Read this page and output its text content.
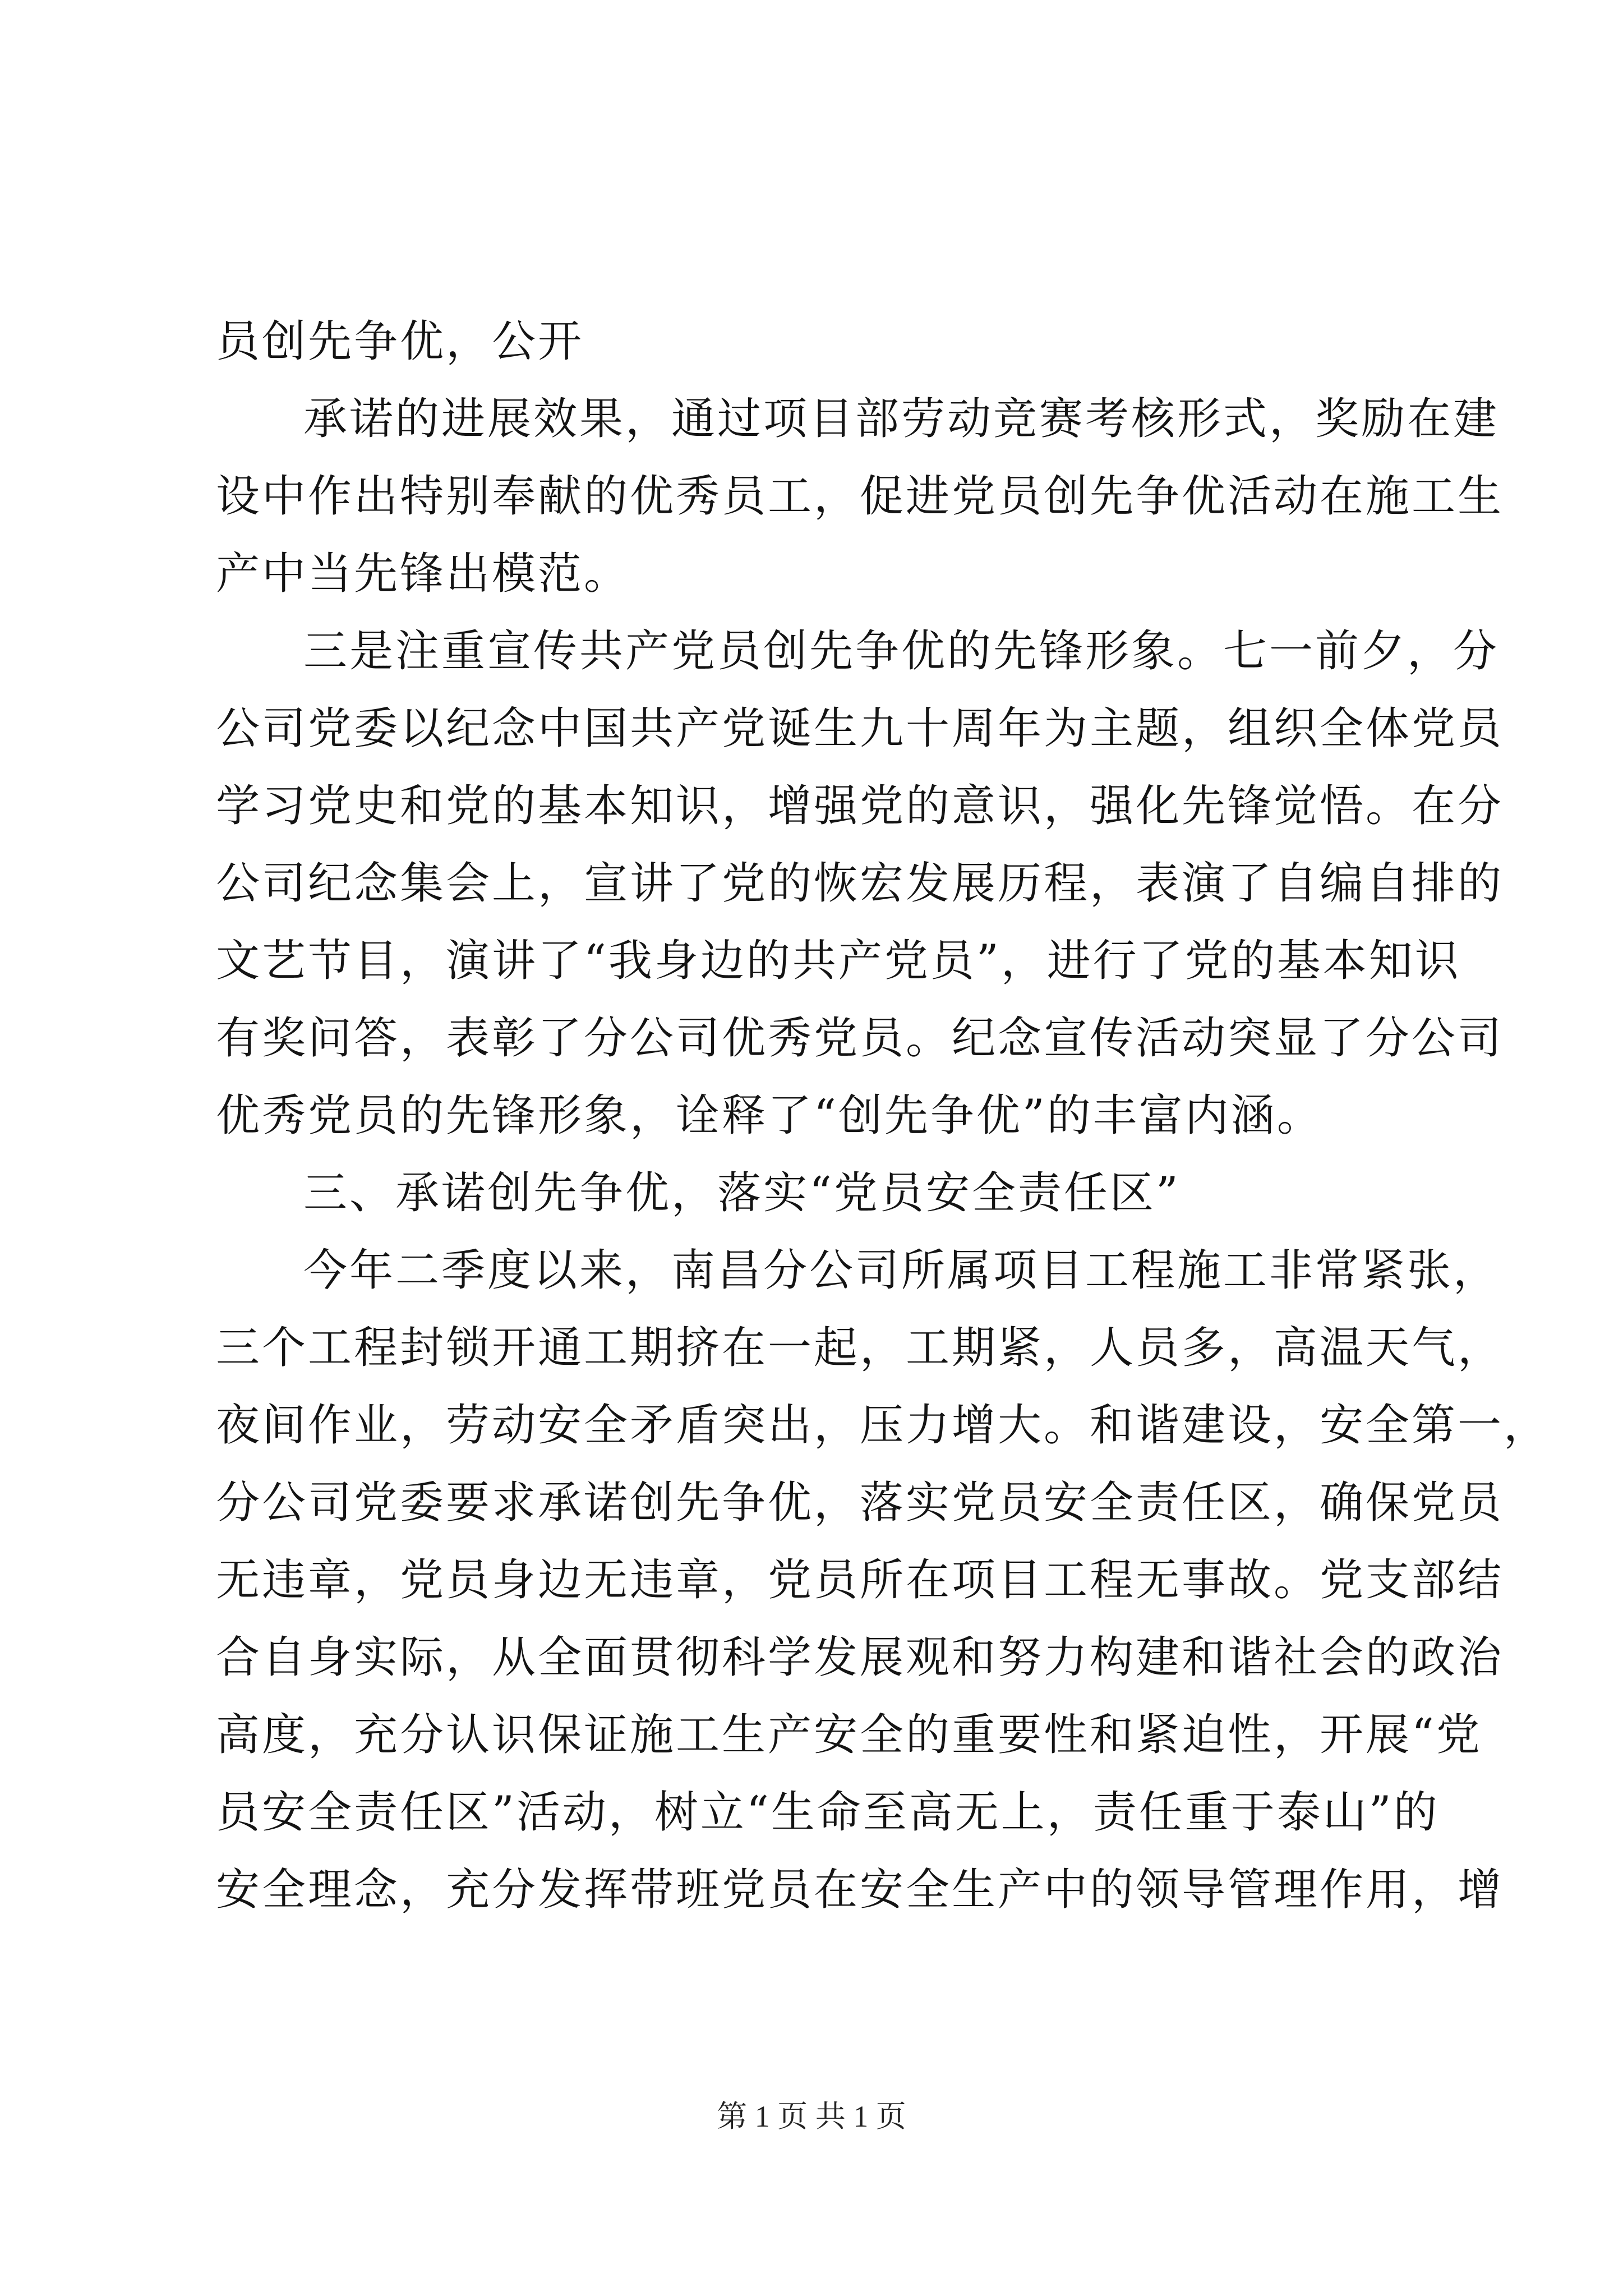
员创先争优，公开
承诺的进展效果，通过项目部劳动竞赛考核形式，奖励在建
设中作出特别奉献的优秀员工，促进党员创先争优活动在施工生
产中当先锋出模范。
三是注重宣传共产党员创先争优的先锋形象。七一前夕，分
公司党委以纪念中国共产党诞生九十周年为主题，组织全体党员
学习党史和党的基本知识，增强党的意识，强化先锋觉悟。在分
公司纪念集会上，宣讲了党的恢宏发展历程，表演了自编自排的
文艺节目，演讲了“我身边的共产党员”，进行了党的基本知识
有奖问答，表彰了分公司优秀党员。纪念宣传活动突显了分公司
优秀党员的先锋形象，诠释了“创先争优”的丰富内涵。
三、承诺创先争优，落实“党员安全责任区”
今年二季度以来，南昌分公司所属项目工程施工非常紧张，
三个工程封锁开通工期挤在一起，工期紧，人员多，高温天气，
夜间作业，劳动安全矛盾突出，压力增大。和谐建设，安全第一，
分公司党委要求承诺创先争优，落实党员安全责任区，确保党员
无违章，党员身边无违章，党员所在项目工程无事故。党支部结
合自身实际，从全面贯彻科学发展观和努力构建和谐社会的政治
高度，充分认识保证施工生产安全的重要性和紧迫性，开展“党
员安全责任区”活动，树立“生命至高无上，责任重于泰山”的
安全理念，充分发挥带班党员在安全生产中的领导管理作用，增
第 1 页 共 1 页
